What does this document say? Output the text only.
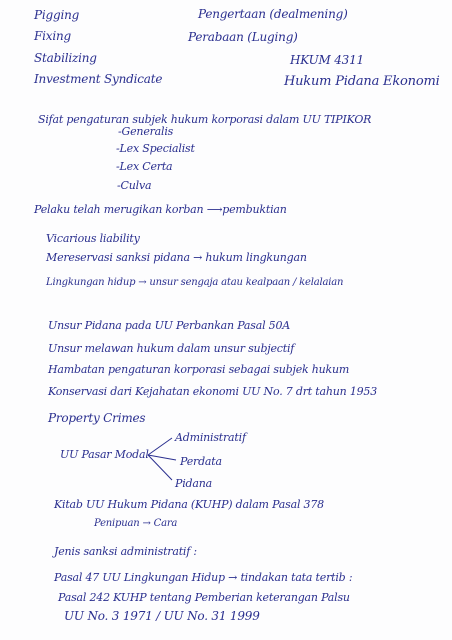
Pigging
Fixing
Stabilizing
Investment Syndicate
Pengertaan (dealmening)
Perabaan (Luging)
HKUM 4311
Hukum Pidana Ekonomi
Sifat pengaturan subjek hukum korporasi dalam UU TIPIKOR
-Generalis
-Lex Specialist
-Lex Certa
-Culva
Pelaku telah merugikan korban ⟶pembuktian
Vicarious liability
Mereservasi sanksi pidana → hukum lingkungan
Lingkungan hidup → unsur sengaja atau kealpaan / kelalaian
Unsur Pidana pada UU Perbankan Pasal 50A
Unsur melawan hukum dalam unsur subjectif
Hambatan pengaturan korporasi sebagai subjek hukum
Konservasi dari Kejahatan ekonomi UU No. 7 drt tahun 1953
Property Crimes
UU Pasar Modal
Administratif
Perdata
Pidana
Kitab UU Hukum Pidana (KUHP) dalam Pasal 378
Penipuan → Cara
Jenis sanksi administratif :
Pasal 47 UU Lingkungan Hidup → tindakan tata tertib :
Pasal 242 KUHP tentang Pemberian keterangan Palsu
UU No. 3 1971 / UU No. 31 1999
